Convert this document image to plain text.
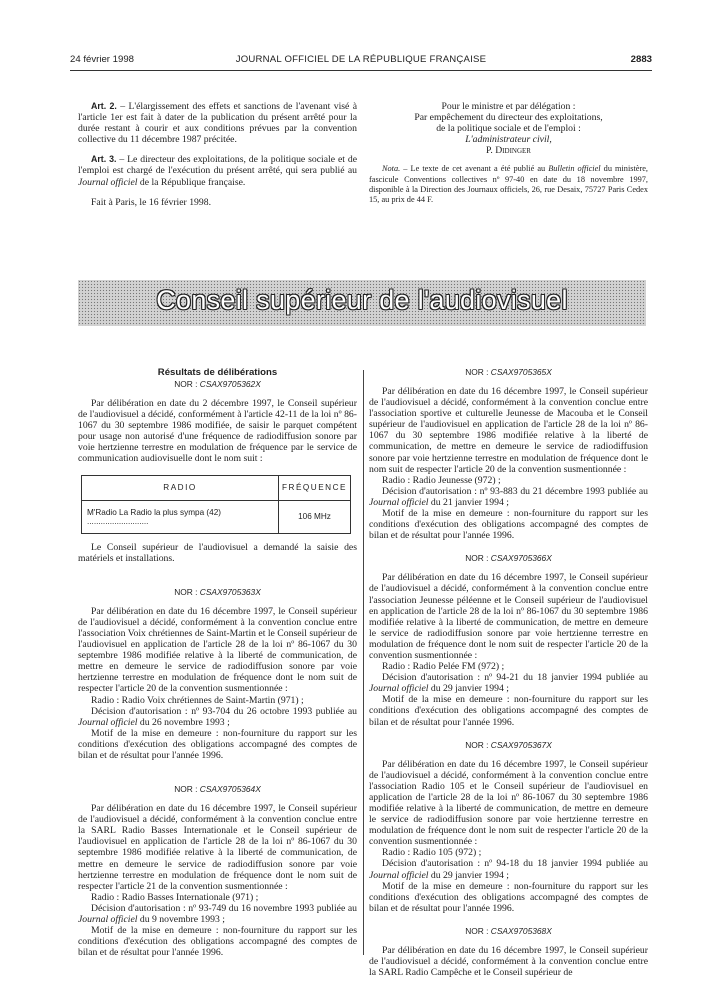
24 février 1998	JOURNAL OFFICIEL DE LA RÉPUBLIQUE FRANÇAISE	2883

Art. 2. – L'élargissement des effets et sanctions de l'avenant visé à l'article 1er est fait à dater de la publication du présent arrêté pour la durée restant à courir et aux conditions prévues par la convention collective du 11 décembre 1987 précitée.

Art. 3. – Le directeur des exploitations, de la politique sociale et de l'emploi est chargé de l'exécution du présent arrêté, qui sera publié au Journal officiel de la République française.

Fait à Paris, le 16 février 1998.

Pour le ministre et par délégation :

Par empêchement du directeur des exploitations,

de la politique sociale et de l'emploi :

L'administrateur civil,

P. Didinger

Nota. – Le texte de cet avenant a été publié au Bulletin officiel du ministère, fascicule Conventions collectives nº 97-40 en date du 18 novembre 1997, disponible à la Direction des Journaux officiels, 26, rue Desaix, 75727 Paris Cedex 15, au prix de 44 F.

Conseil supérieur de l'audiovisuel

Résultats de délibérations

NOR : CSAX9705362X

Par délibération en date du 2 décembre 1997, le Conseil supérieur de l'audiovisuel a décidé, conformément à l'article 42-11 de la loi nº 86-1067 du 30 septembre 1986 modifiée, de saisir le parquet compétent pour usage non autorisé d'une fréquence de radiodiffusion sonore par voie hertzienne terrestre en modulation de fréquence par le service de communication audiovisuelle dont le nom suit :

RADIO	FRÉQUENCE
M'Radio La Radio la plus sympa (42) ...........................	106 MHz

Le Conseil supérieur de l'audiovisuel a demandé la saisie des matériels et installations.

NOR : CSAX9705363X

Par délibération en date du 16 décembre 1997, le Conseil supérieur de l'audiovisuel a décidé, conformément à la convention conclue entre l'association Voix chrétiennes de Saint-Martin et le Conseil supérieur de l'audiovisuel en application de l'article 28 de la loi nº 86-1067 du 30 septembre 1986 modifiée relative à la liberté de communication, de mettre en demeure le service de radiodiffusion sonore par voie hertzienne terrestre en modulation de fréquence dont le nom suit de respecter l'article 20 de la convention susmentionnée :

Radio : Radio Voix chrétiennes de Saint-Martin (971) ;

Décision d'autorisation : nº 93-704 du 26 octobre 1993 publiée au Journal officiel du 26 novembre 1993 ;

Motif de la mise en demeure : non-fourniture du rapport sur les conditions d'exécution des obligations accompagné des comptes de bilan et de résultat pour l'année 1996.

NOR : CSAX9705364X

Par délibération en date du 16 décembre 1997, le Conseil supérieur de l'audiovisuel a décidé, conformément à la convention conclue entre la SARL Radio Basses Internationale et le Conseil supérieur de l'audiovisuel en application de l'article 28 de la loi nº 86-1067 du 30 septembre 1986 modifiée relative à la liberté de communication, de mettre en demeure le service de radiodiffusion sonore par voie hertzienne terrestre en modulation de fréquence dont le nom suit de respecter l'article 21 de la convention susmentionnée :

Radio : Radio Basses Internationale (971) ;

Décision d'autorisation : nº 93-749 du 16 novembre 1993 publiée au Journal officiel du 9 novembre 1993 ;

Motif de la mise en demeure : non-fourniture du rapport sur les conditions d'exécution des obligations accompagné des comptes de bilan et de résultat pour l'année 1996.

NOR : CSAX9705365X

Par délibération en date du 16 décembre 1997, le Conseil supérieur de l'audiovisuel a décidé, conformément à la convention conclue entre l'association sportive et culturelle Jeunesse de Macouba et le Conseil supérieur de l'audiovisuel en application de l'article 28 de la loi nº 86-1067 du 30 septembre 1986 modifiée relative à la liberté de communication, de mettre en demeure le service de radiodiffusion sonore par voie hertzienne terrestre en modulation de fréquence dont le nom suit de respecter l'article 20 de la convention susmentionnée :

Radio : Radio Jeunesse (972) ;

Décision d'autorisation : nº 93-883 du 21 décembre 1993 publiée au Journal officiel du 21 janvier 1994 ;

Motif de la mise en demeure : non-fourniture du rapport sur les conditions d'exécution des obligations accompagné des comptes de bilan et de résultat pour l'année 1996.

NOR : CSAX9705366X

Par délibération en date du 16 décembre 1997, le Conseil supérieur de l'audiovisuel a décidé, conformément à la convention conclue entre l'association Jeunesse péléenne et le Conseil supérieur de l'audiovisuel en application de l'article 28 de la loi nº 86-1067 du 30 septembre 1986 modifiée relative à la liberté de communication, de mettre en demeure le service de radiodiffusion sonore par voie hertzienne terrestre en modulation de fréquence dont le nom suit de respecter l'article 20 de la convention susmentionnée :

Radio : Radio Pelée FM (972) ;

Décision d'autorisation : nº 94-21 du 18 janvier 1994 publiée au Journal officiel du 29 janvier 1994 ;

Motif de la mise en demeure : non-fourniture du rapport sur les conditions d'exécution des obligations accompagné des comptes de bilan et de résultat pour l'année 1996.

NOR : CSAX9705367X

Par délibération en date du 16 décembre 1997, le Conseil supérieur de l'audiovisuel a décidé, conformément à la convention conclue entre l'association Radio 105 et le Conseil supérieur de l'audiovisuel en application de l'article 28 de la loi nº 86-1067 du 30 septembre 1986 modifiée relative à la liberté de communication, de mettre en demeure le service de radiodiffusion sonore par voie hertzienne terrestre en modulation de fréquence dont le nom suit de respecter l'article 20 de la convention susmentionnée :

Radio : Radio 105 (972) ;

Décision d'autorisation : nº 94-18 du 18 janvier 1994 publiée au Journal officiel du 29 janvier 1994 ;

Motif de la mise en demeure : non-fourniture du rapport sur les conditions d'exécution des obligations accompagné des comptes de bilan et de résultat pour l'année 1996.

NOR : CSAX9705368X

Par délibération en date du 16 décembre 1997, le Conseil supérieur de l'audiovisuel a décidé, conformément à la convention conclue entre la SARL Radio Campêche et le Conseil supérieur de
